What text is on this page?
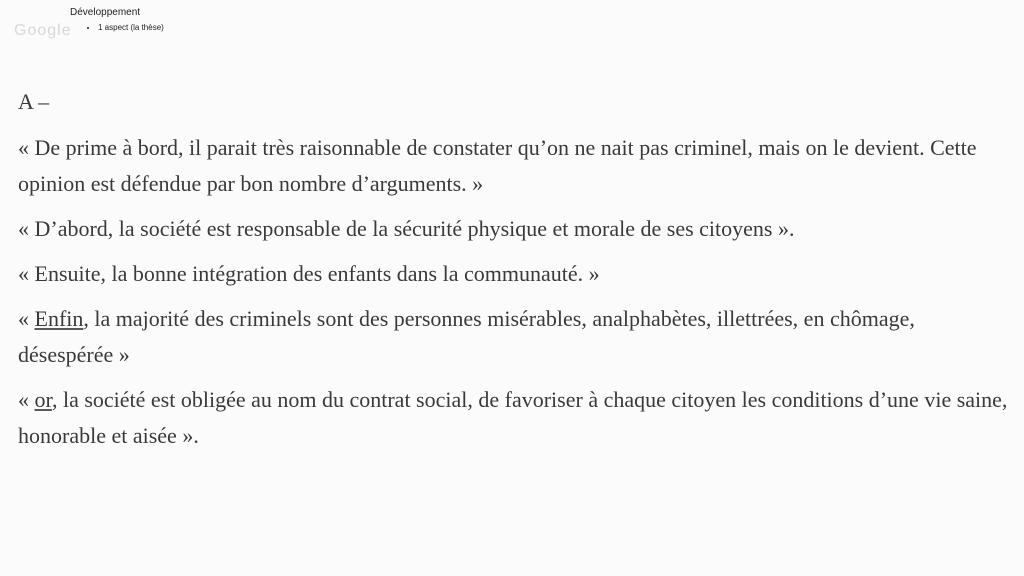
Google
Développement
• 1 aspect (la thèse)

A –

« De prime à bord, il parait très raisonnable de constater qu’on ne nait pas criminel, mais on le devient. Cette opinion est défendue par bon nombre d’arguments. »

« D’abord, la société est responsable de la sécurité physique et morale de ses citoyens ».

« Ensuite, la bonne intégration des enfants dans la communauté. »

« Enfin, la majorité des criminels sont des personnes misérables, analphabètes, illettrées, en chômage, désespérée »

« or, la société est obligée au nom du contrat social, de favoriser à chaque citoyen les conditions d’une vie saine, honorable et aisée ».
